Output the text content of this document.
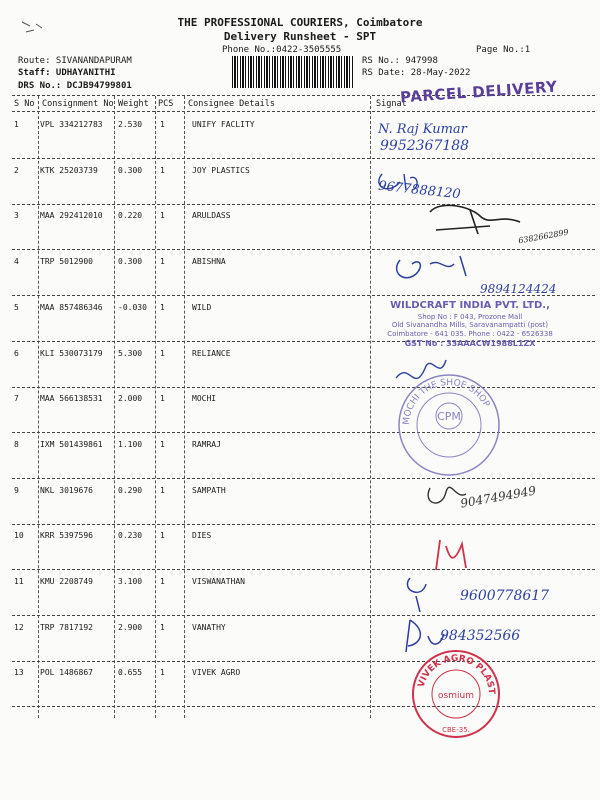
THE PROFESSIONAL COURIERS, Coimbatore
Delivery Runsheet - SPT
Phone No.:0422-3505555	Page No.:1
Route: SIVANANDAPURAM
Staff: UDHAYANITHI
DRS No.: DCJB94799801
RS No.: 947998
RS Date: 28-May-2022
S No Consignment No Weight PCS Consignee Details	Signat
1	VPL 334212783 2.530 1	UNIFY FACLITY
2	KTK 25203739	0.300 1	JOY PLASTICS
3	MAA 292412010 0.220 1	ARULDASS
4	TRP 5012900	0.300 1	ABISHNA
5	MAA 857486346 -0.030 1	WILD
6	KLI 530073179 5.300 1	RELIANCE
7	MAA 566138531 2.000 1	MOCHI
8	IXM 501439861 1.100 1	RAMRAJ
9	NKL 3019676	0.290 1	SAMPATH
10 KRR 5397596	0.230 1	DIES
11 KMU 2208749	3.100 1	VISWANATHAN
12 TRP 7817192	2.900 1	VANATHY
13 POL 1486867	0.655 1	VIVEK AGRO
PARCEL DELIVERY
WILDCRAFT INDIA PVT. LTD.,
Shop No : F 043, Prozone Mall
Old Sivanandha Mills, Saravanampatti (post)
Coimbatore - 641 035. Phone : 0422 - 6526338
GST No : 33AAACW1988L1ZX
MOCHI THE SHOE SHOP
CPM
VIVEK AGRO PLAST
osmium
CBE-35.
N. Raj Kumar
9952367188
9677888120
6382662899
9894124424
9047494949
9600778617
984352566
